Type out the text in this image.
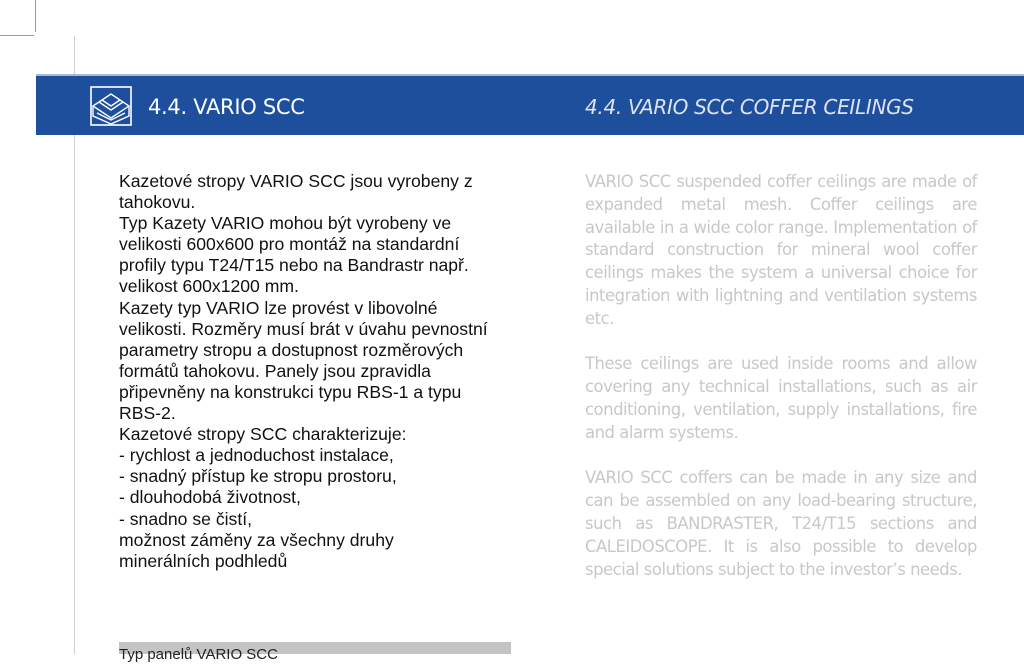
4.4. VARIO SCC	4.4. VARIO SCC COFFER CEILINGS
Kazetové stropy VARIO SCC jsou vyrobeny z
tahokovu.
Typ Kazety VARIO mohou být vyrobeny ve
velikosti 600x600 pro montáž na standardní
profily typu T24/T15 nebo na Bandrastr např.
velikost 600x1200 mm.
Kazety typ VARIO lze provést v libovolné
velikosti. Rozměry musí brát v úvahu pevnostní
parametry stropu a dostupnost rozměrových
formátů tahokovu. Panely jsou zpravidla
připevněny na konstrukci typu RBS-1 a typu
RBS-2.
Kazetové stropy SCC charakterizuje:
- rychlost a jednoduchost instalace,
- snadný přístup ke stropu prostoru,
- dlouhodobá životnost,
- snadno se čistí,
možnost záměny za všechny druhy
minerálních podhledů

VARIO SCC suspended coffer ceilings are made of expanded metal mesh. Coffer ceilings are available in a wide color range. Implementation of standard construction for mineral wool coffer ceilings makes the system a universal choice for integration with lightning and ventilation systems etc.

These ceilings are used inside rooms and allow covering any technical installations, such as air conditioning, ventilation, supply installations, fire and alarm systems.

VARIO SCC coffers can be made in any size and can be assembled on any load-bearing structure, such as BANDRASTER, T24/T15 sections and CALEIDOSCOPE. It is also possible to develop special solutions subject to the investor’s needs.

Typ panelů VARIO SCC
